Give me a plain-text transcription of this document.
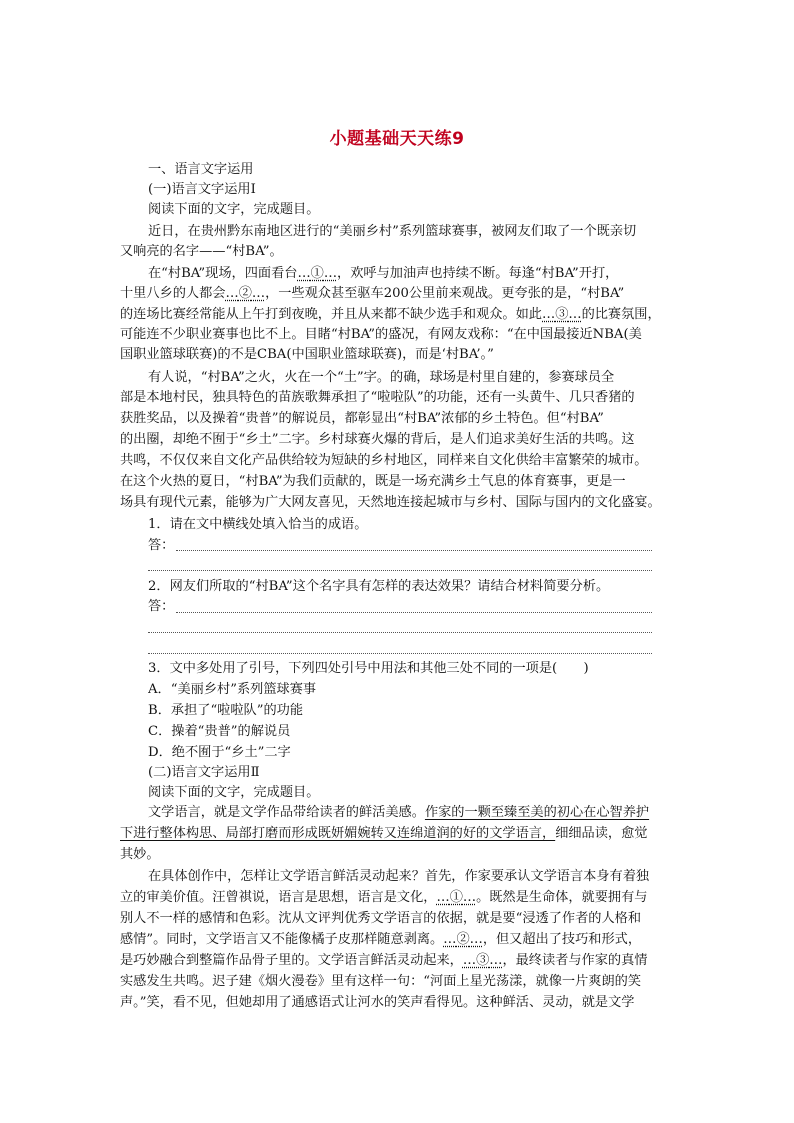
小题基础天天练9
一、语言文字运用
(一)语言文字运用Ⅰ
阅读下面的文字，完成题目。
近日，在贵州黔东南地区进行的“美丽乡村”系列篮球赛事，被网友们取了一个既亲切
又响亮的名字——“村BA”。
在“村BA”现场，四面看台…①…，欢呼与加油声也持续不断。每逢“村BA”开打，
十里八乡的人都会…②…，一些观众甚至驱车200公里前来观战。更夸张的是，“村BA”
的连场比赛经常能从上午打到夜晚，并且从来都不缺少选手和观众。如此…③…的比赛氛围，
可能连不少职业赛事也比不上。目睹“村BA”的盛况，有网友戏称：“在中国最接近NBA(美
国职业篮球联赛)的不是CBA(中国职业篮球联赛)，而是‘村BA’。”
有人说，“村BA”之火，火在一个“土”字。的确，球场是村里自建的，参赛球员全
部是本地村民，独具特色的苗族歌舞承担了“啦啦队”的功能，还有一头黄牛、几只香猪的
获胜奖品，以及操着“贵普”的解说员，都彰显出“村BA”浓郁的乡土特色。但“村BA”
的出圈，却绝不囿于“乡土”二字。乡村球赛火爆的背后，是人们追求美好生活的共鸣。这
共鸣，不仅仅来自文化产品供给较为短缺的乡村地区，同样来自文化供给丰富繁荣的城市。
在这个火热的夏日，“村BA”为我们贡献的，既是一场充满乡土气息的体育赛事，更是一
场具有现代元素，能够为广大网友喜见，天然地连接起城市与乡村、国际与国内的文化盛宴。
1．请在文中横线处填入恰当的成语。
答：
2．网友们所取的“村BA”这个名字具有怎样的表达效果？请结合材料简要分析。
答：
3．文中多处用了引号，下列四处引号中用法和其他三处不同的一项是(　　)
A．“美丽乡村”系列篮球赛事
B．承担了“啦啦队”的功能
C．操着“贵普”的解说员
D．绝不囿于“乡土”二字
(二)语言文字运用Ⅱ
阅读下面的文字，完成题目。
文学语言，就是文学作品带给读者的鲜活美感。作家的一颗至臻至美的初心在心智养护
下进行整体构思、局部打磨而形成既妍媚婉转又连绵道润的好的文学语言，细细品读，愈觉
其妙。
在具体创作中，怎样让文学语言鲜活灵动起来？首先，作家要承认文学语言本身有着独
立的审美价值。汪曾祺说，语言是思想，语言是文化，…①…。既然是生命体，就要拥有与
别人不一样的感情和色彩。沈从文评判优秀文学语言的依据，就是要“浸透了作者的人格和
感情”。同时，文学语言又不能像橘子皮那样随意剥离。…②…，但又超出了技巧和形式，
是巧妙融合到整篇作品骨子里的。文学语言鲜活灵动起来，…③…，最终读者与作家的真情
实感发生共鸣。迟子建《烟火漫卷》里有这样一句：“河面上星光荡漾，就像一片爽朗的笑
声。”笑，看不见，但她却用了通感语式让河水的笑声看得见。这种鲜活、灵动，就是文学
